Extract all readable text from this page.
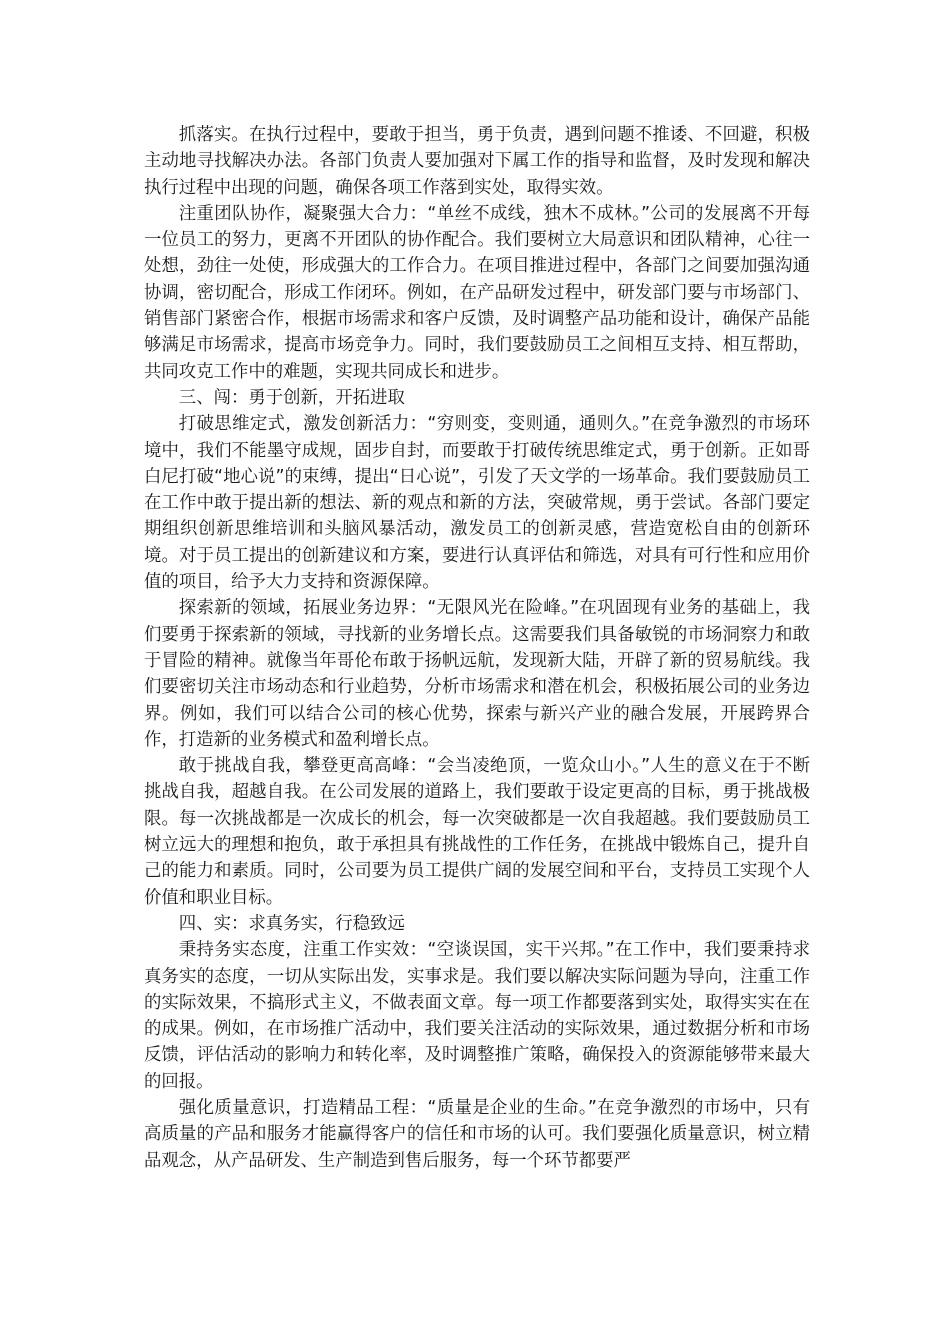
抓落实。在执行过程中，要敢于担当，勇于负责，遇到问题不推诿、不回避，积极主动地寻找解决办法。各部门负责人要加强对下属工作的指导和监督，及时发现和解决执行过程中出现的问题，确保各项工作落到实处，取得实效。

注重团队协作，凝聚强大合力：“单丝不成线，独木不成林。”公司的发展离不开每一位员工的努力，更离不开团队的协作配合。我们要树立大局意识和团队精神，心往一处想，劲往一处使，形成强大的工作合力。在项目推进过程中，各部门之间要加强沟通协调，密切配合，形成工作闭环。例如，在产品研发过程中，研发部门要与市场部门、销售部门紧密合作，根据市场需求和客户反馈，及时调整产品功能和设计，确保产品能够满足市场需求，提高市场竞争力。同时，我们要鼓励员工之间相互支持、相互帮助，共同攻克工作中的难题，实现共同成长和进步。

三、闯：勇于创新，开拓进取

打破思维定式，激发创新活力：“穷则变，变则通，通则久。”在竞争激烈的市场环境中，我们不能墨守成规，固步自封，而要敢于打破传统思维定式，勇于创新。正如哥白尼打破“地心说”的束缚，提出“日心说”，引发了天文学的一场革命。我们要鼓励员工在工作中敢于提出新的想法、新的观点和新的方法，突破常规，勇于尝试。各部门要定期组织创新思维培训和头脑风暴活动，激发员工的创新灵感，营造宽松自由的创新环境。对于员工提出的创新建议和方案，要进行认真评估和筛选，对具有可行性和应用价值的项目，给予大力支持和资源保障。

探索新的领域，拓展业务边界：“无限风光在险峰。”在巩固现有业务的基础上，我们要勇于探索新的领域，寻找新的业务增长点。这需要我们具备敏锐的市场洞察力和敢于冒险的精神。就像当年哥伦布敢于扬帆远航，发现新大陆，开辟了新的贸易航线。我们要密切关注市场动态和行业趋势，分析市场需求和潜在机会，积极拓展公司的业务边界。例如，我们可以结合公司的核心优势，探索与新兴产业的融合发展，开展跨界合作，打造新的业务模式和盈利增长点。

敢于挑战自我，攀登更高高峰：“会当凌绝顶，一览众山小。”人生的意义在于不断挑战自我，超越自我。在公司发展的道路上，我们要敢于设定更高的目标，勇于挑战极限。每一次挑战都是一次成长的机会，每一次突破都是一次自我超越。我们要鼓励员工树立远大的理想和抱负，敢于承担具有挑战性的工作任务，在挑战中锻炼自己，提升自己的能力和素质。同时，公司要为员工提供广阔的发展空间和平台，支持员工实现个人价值和职业目标。

四、实：求真务实，行稳致远

秉持务实态度，注重工作实效：“空谈误国，实干兴邦。”在工作中，我们要秉持求真务实的态度，一切从实际出发，实事求是。我们要以解决实际问题为导向，注重工作的实际效果，不搞形式主义，不做表面文章。每一项工作都要落到实处，取得实实在在的成果。例如，在市场推广活动中，我们要关注活动的实际效果，通过数据分析和市场反馈，评估活动的影响力和转化率，及时调整推广策略，确保投入的资源能够带来最大的回报。

强化质量意识，打造精品工程：“质量是企业的生命。”在竞争激烈的市场中，只有高质量的产品和服务才能赢得客户的信任和市场的认可。我们要强化质量意识，树立精品观念，从产品研发、生产制造到售后服务，每一个环节都要严
